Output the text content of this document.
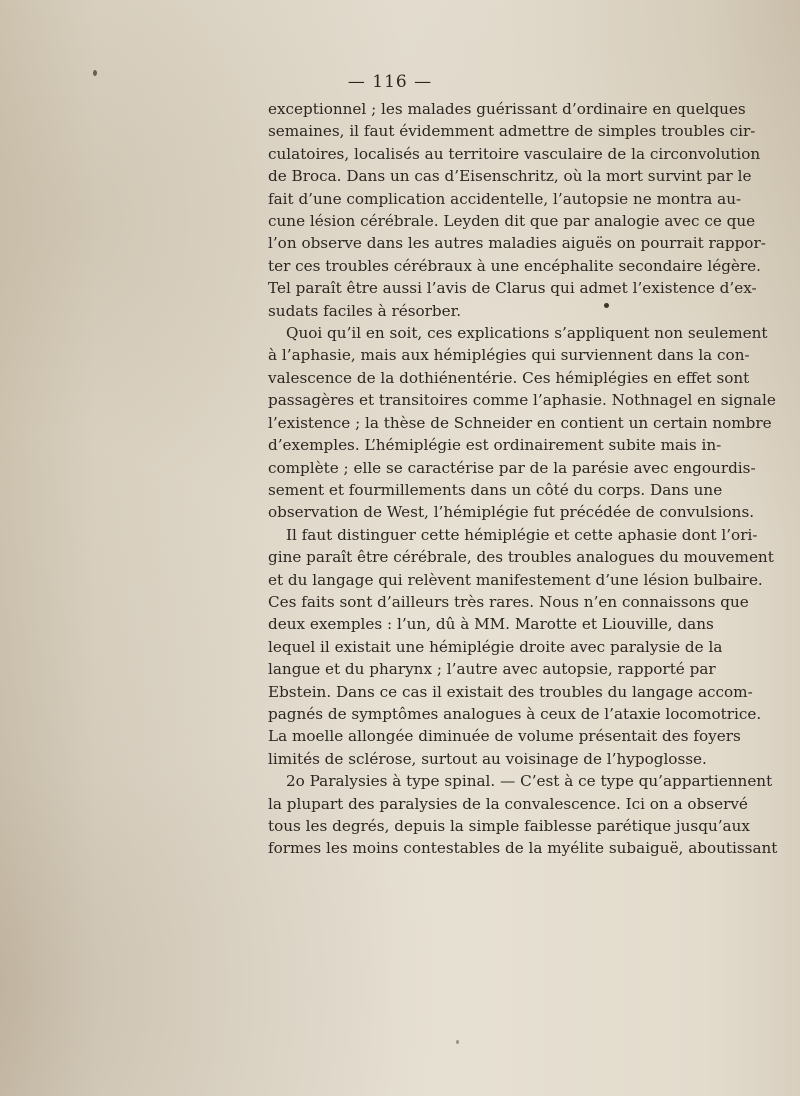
— 116 —
exceptionnel ; les malades guérissant d’ordinaire en quelques
semaines, il faut évidemment admettre de simples troubles cir-
culatoires, localisés au territoire vasculaire de la circonvolution
de Broca. Dans un cas d’Eisenschritz, où la mort survint par le
fait d’une complication accidentelle, l’autopsie ne montra au-
cune lésion cérébrale. Leyden dit que par analogie avec ce que
l’on observe dans les autres maladies aiguës on pourrait rappor-
ter ces troubles cérébraux à une encéphalite secondaire légère.
Tel paraît être aussi l’avis de Clarus qui admet l’existence d’ex-
sudats faciles à résorber.
Quoi qu’il en soit, ces explications s’appliquent non seulement
à l’aphasie, mais aux hémiplégies qui surviennent dans la con-
valescence de la dothiénentérie. Ces hémiplégies en effet sont
passagères et transitoires comme l’aphasie. Nothnagel en signale
l’existence ; la thèse de Schneider en contient un certain nombre
d’exemples. L’hémiplégie est ordinairement subite mais in-
complète ; elle se caractérise par de la parésie avec engourdis-
sement et fourmillements dans un côté du corps. Dans une
observation de West, l’hémiplégie fut précédée de convulsions.
Il faut distinguer cette hémiplégie et cette aphasie dont l’ori-
gine paraît être cérébrale, des troubles analogues du mouvement
et du langage qui relèvent manifestement d’une lésion bulbaire.
Ces faits sont d’ailleurs très rares. Nous n’en connaissons que
deux exemples : l’un, dû à MM. Marotte et Liouville, dans
lequel il existait une hémiplégie droite avec paralysie de la
langue et du pharynx ; l’autre avec autopsie, rapporté par
Ebstein. Dans ce cas il existait des troubles du langage accom-
pagnés de symptômes analogues à ceux de l’ataxie locomotrice.
La moelle allongée diminuée de volume présentait des foyers
limités de sclérose, surtout au voisinage de l’hypoglosse.
2o Paralysies à type spinal. — C’est à ce type qu’appartiennent
la plupart des paralysies de la convalescence. Ici on a observé
tous les degrés, depuis la simple faiblesse parétique jusqu’aux
formes les moins contestables de la myélite subaiguë, aboutissant
